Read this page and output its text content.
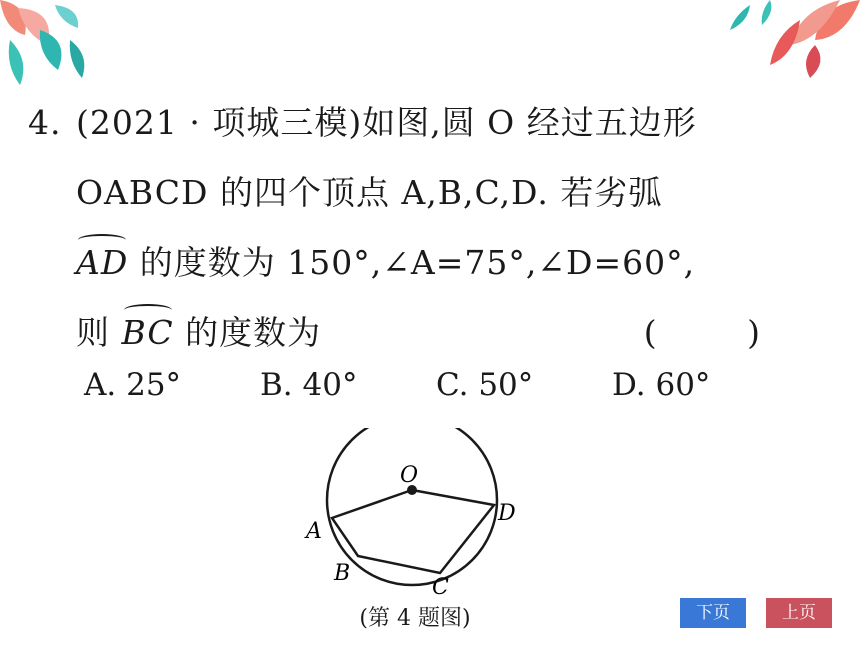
4. (2021 · 项城三模)如图,圆 O 经过五边形
OABCD 的四个顶点 A,B,C,D. 若劣弧
AD 的度数为 150°,∠A=75°,∠D=60°,
则 BC 的度数为	( )
A. 25°	B. 40°	C. 50°	D. 60°
O
A
B
C
D
(第 4 题图)	下页	上页
